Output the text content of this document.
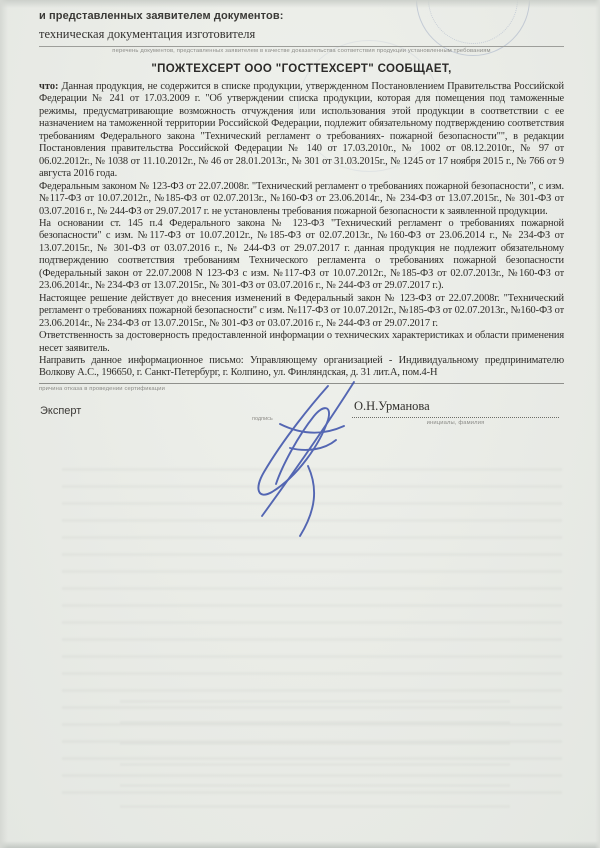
и представленных заявителем документов:
техническая документация изготовителя
перечень документов, представленных заявителем в качестве доказательства соответствия продукции установленным требованиям
"ПОЖТЕХСЕРТ ООО "ГОСТТЕХСЕРТ" СООБЩАЕТ,

что: Данная продукция, не содержится в списке продукции, утвержденном Постановлением Правительства Российской Федерации № 241 от 17.03.2009 г. "Об утверждении списка продукции, которая для помещения под таможенные режимы, предусматривающие возможность отчуждения или использования этой продукции в соответствии с ее назначением на таможенной территории Российской Федерации, подлежит обязательному подтверждению соответствия требованиям Федерального закона "Технический регламент о требованиях- пожарной безопасности"", в редакции Постановления правительства Российской Федерации № 140 от 17.03.2010г., № 1002 от 08.12.2010г., № 97 от 06.02.2012г., № 1038 от 11.10.2012г., № 46 от 28.01.2013г., № 301 от 31.03.2015г., № 1245 от 17 ноября 2015 г., № 766 от 9 августа 2016 года.

Федеральным законом № 123-ФЗ от 22.07.2008г. "Технический регламент о требованиях пожарной безопасности", с изм. №117-ФЗ от 10.07.2012г., №185-ФЗ от 02.07.2013г., №160-ФЗ от 23.06.2014г., № 234-ФЗ от 13.07.2015г., № 301-ФЗ от 03.07.2016 г., № 244-ФЗ от 29.07.2017 г. не установлены требования пожарной безопасности к заявленной продукции.

На основании ст. 145 п.4 Федерального закона № 123-ФЗ "Технический регламент о требованиях пожарной безопасности" с изм. №117-ФЗ от 10.07.2012г., №185-ФЗ от 02.07.2013г., №160-ФЗ от 23.06.2014 г., № 234-ФЗ от 13.07.2015г., № 301-ФЗ от 03.07.2016 г., № 244-ФЗ от 29.07.2017 г. данная продукция не подлежит обязательному подтверждению соответствия требованиям Технического регламента о требованиях пожарной безопасности (Федеральный закон от 22.07.2008 N 123-ФЗ с изм. №117-ФЗ от 10.07.2012г., №185-ФЗ от 02.07.2013г., №160-ФЗ от 23.06.2014г., № 234-ФЗ от 13.07.2015г., № 301-ФЗ от 03.07.2016 г., № 244-ФЗ от 29.07.2017 г.).

Настоящее решение действует до внесения изменений в Федеральный закон № 123-ФЗ от 22.07.2008г. "Технический регламент о требованиях пожарной безопасности" с изм. №117-ФЗ от 10.07.2012г., №185-ФЗ от 02.07.2013г., №160-ФЗ от 23.06.2014г., № 234-ФЗ от 13.07.2015г., № 301-ФЗ от 03.07.2016 г., № 244-ФЗ от 29.07.2017 г.

Ответственность за достоверность предоставленной информации о технических характеристиках и области применения несет заявитель.

Направить данное информационное письмо: Управляющему организацией - Индивидуальному предпринимателю Волкову А.С., 196650, г. Санкт-Петербург, г. Колпино, ул. Финляндская, д. 31 лит.А, пом.4-Н

причина отказа в проведении сертификации
Эксперт
подпись
О.Н.Урманова
инициалы, фамилия
